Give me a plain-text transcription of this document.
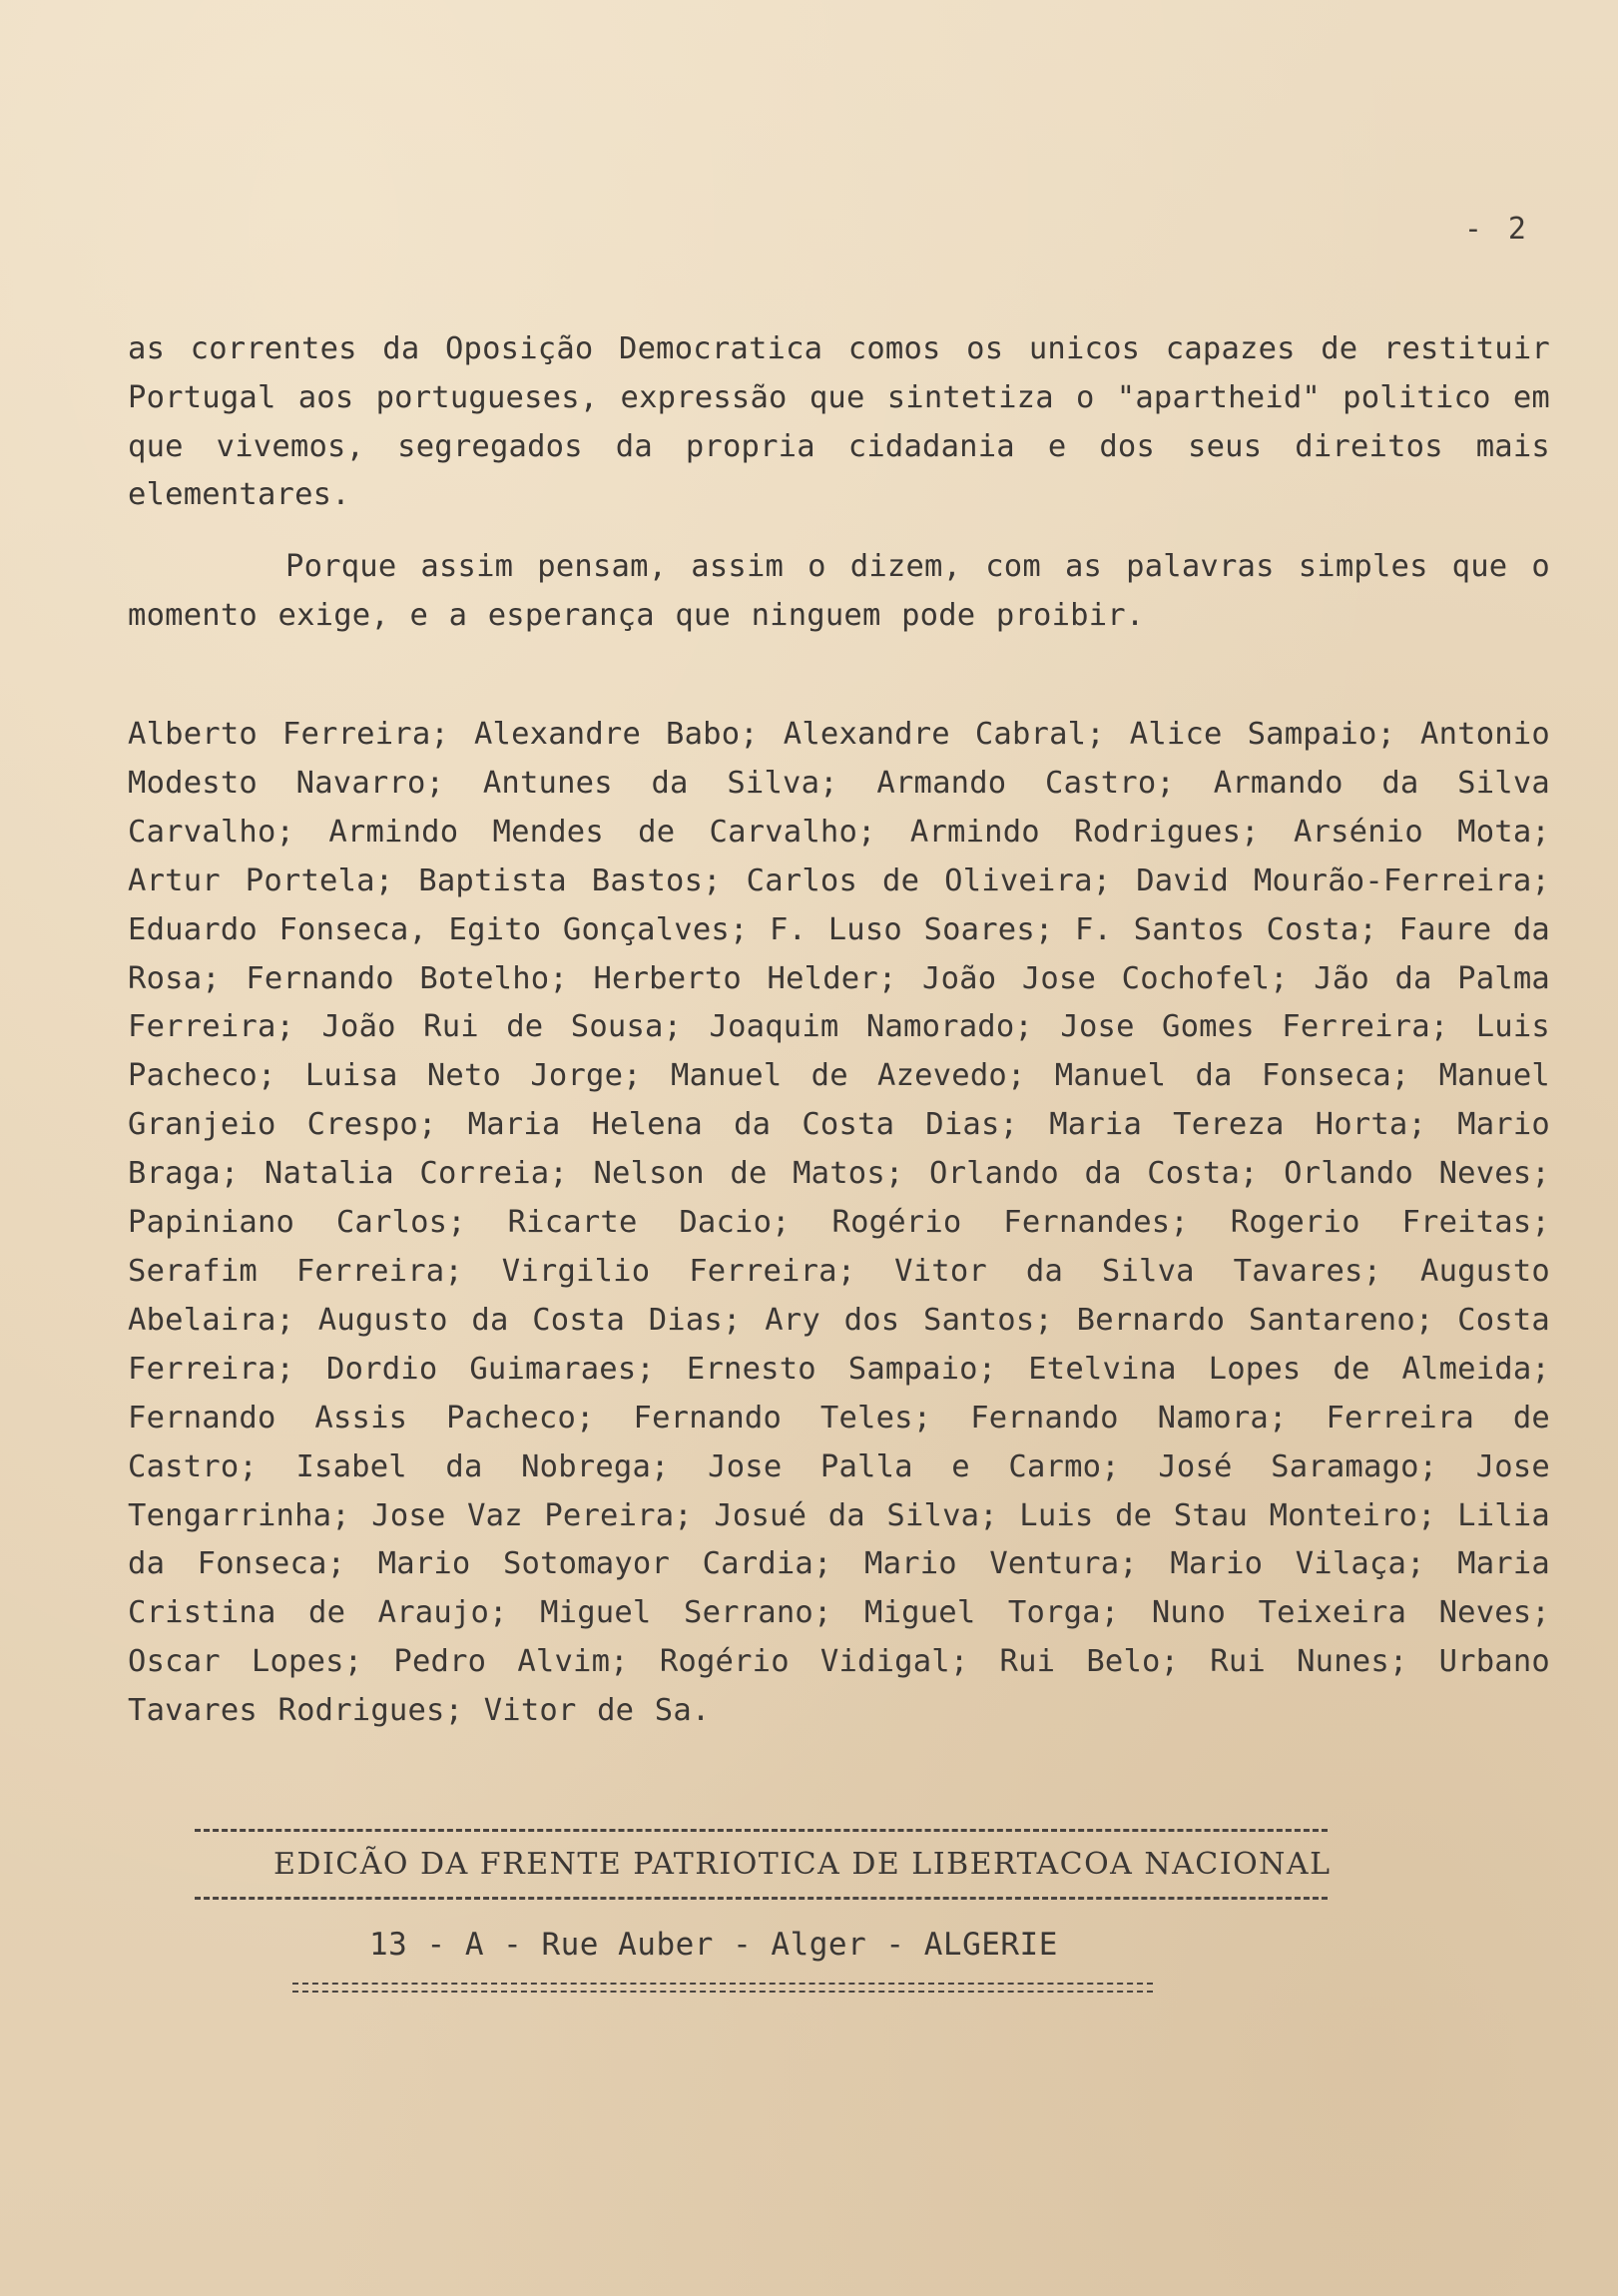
- 2

as correntes da Oposição Democratica comos os unicos capazes de restituir Portugal aos portugueses, expressão que sintetiza o "apartheid" politico em que vivemos, segregados da propria cidadania e dos seus direitos mais elementares.

Porque assim pensam, assim o dizem, com as palavras simples que o momento exige, e a esperança que ninguem pode proibir.

Alberto Ferreira; Alexandre Babo; Alexandre Cabral; Alice Sampaio; Antonio Modesto Navarro; Antunes da Silva; Armando Castro; Armando da Silva Carvalho; Armindo Mendes de Carvalho; Armindo Rodrigues; Arsénio Mota; Artur Portela; Baptista Bastos; Carlos de Oliveira; David Mourão-Ferreira; Eduardo Fonseca, Egito Gonçalves; F. Luso Soares; F. Santos Costa; Faure da Rosa; Fernando Botelho; Herberto Helder; João Jose Cochofel; Jão da Palma Ferreira; João Rui de Sousa; Joaquim Namorado; Jose Gomes Ferreira; Luis Pacheco; Luisa Neto Jorge; Manuel de Azevedo; Manuel da Fonseca; Manuel Granjeio Crespo; Maria Helena da Costa Dias; Maria Tereza Horta; Mario Braga; Natalia Correia; Nelson de Matos; Orlando da Costa; Orlando Neves; Papiniano Carlos; Ricarte Dacio; Rogério Fernandes; Rogerio Freitas; Serafim Ferreira; Virgilio Ferreira; Vitor da Silva Tavares; Augusto Abelaira; Augusto da Costa Dias; Ary dos Santos; Bernardo Santareno; Costa Ferreira; Dordio Guimaraes; Ernesto Sampaio; Etelvina Lopes de Almeida; Fernando Assis Pacheco; Fernando Teles; Fernando Namora; Ferreira de Castro; Isabel da Nobrega; Jose Palla e Carmo; José Saramago; Jose Tengarrinha; Jose Vaz Pereira; Josué da Silva; Luis de Stau Monteiro; Lilia da Fonseca; Mario Sotomayor Cardia; Mario Ventura; Mario Vilaça; Maria Cristina de Araujo; Miguel Serrano; Miguel Torga; Nuno Teixeira Neves; Oscar Lopes; Pedro Alvim; Rogério Vidigal; Rui Belo; Rui Nunes; Urbano Tavares Rodrigues; Vitor de Sa.

EDICÃO DA FRENTE PATRIOTICA DE LIBERTACOA NACIONAL
13 - A - Rue Auber - Alger - ALGERIE
